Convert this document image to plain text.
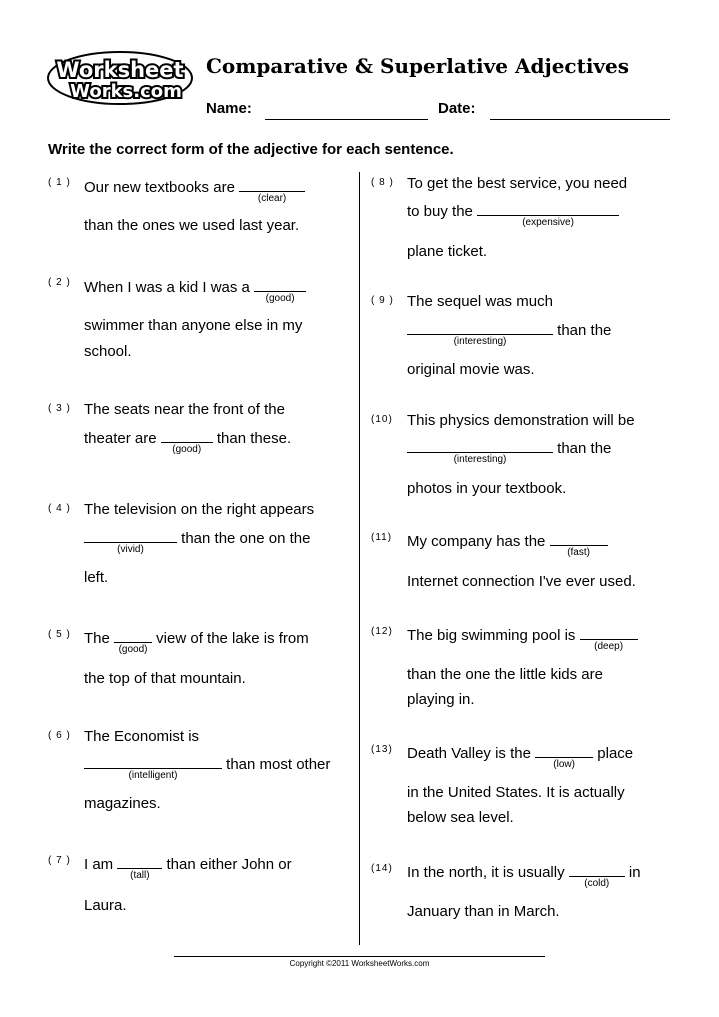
Worksheet
Works.com
Comparative & Superlative Adjectives
Name:	Date:
Write the correct form of the adjective for each sentence.
( 1 ) Our new textbooks are
(clear)
than the ones we used last year.
( 2 ) When I was a kid I was a
(good)
swimmer than anyone else in my
school.
( 3 ) The seats near the front of the
theater are
(good)
than these.
( 4 ) The television on the right appears
(vivid)
than the one on the
left.
( 5 ) The
(good)
view of the lake is from
the top of that mountain.
( 6 ) The Economist is
(intelligent)
than most other
magazines.
( 7 ) I am
(tall)
than either John or
Laura.
( 8 ) To get the best service, you need
to buy the
(expensive)
plane ticket.
( 9 ) The sequel was much
(interesting)
than the
original movie was.
(10) This physics demonstration will be
(interesting)
than the
photos in your textbook.
(11) My company has the
(fast)
Internet connection I've ever used.
(12) The big swimming pool is
(deep)
than the one the little kids are
playing in.
(13) Death Valley is the
(low)
place
in the United States. It is actually
below sea level.
(14) In the north, it is usually
(cold)
in
January than in March.
Copyright ©2011 WorksheetWorks.com
